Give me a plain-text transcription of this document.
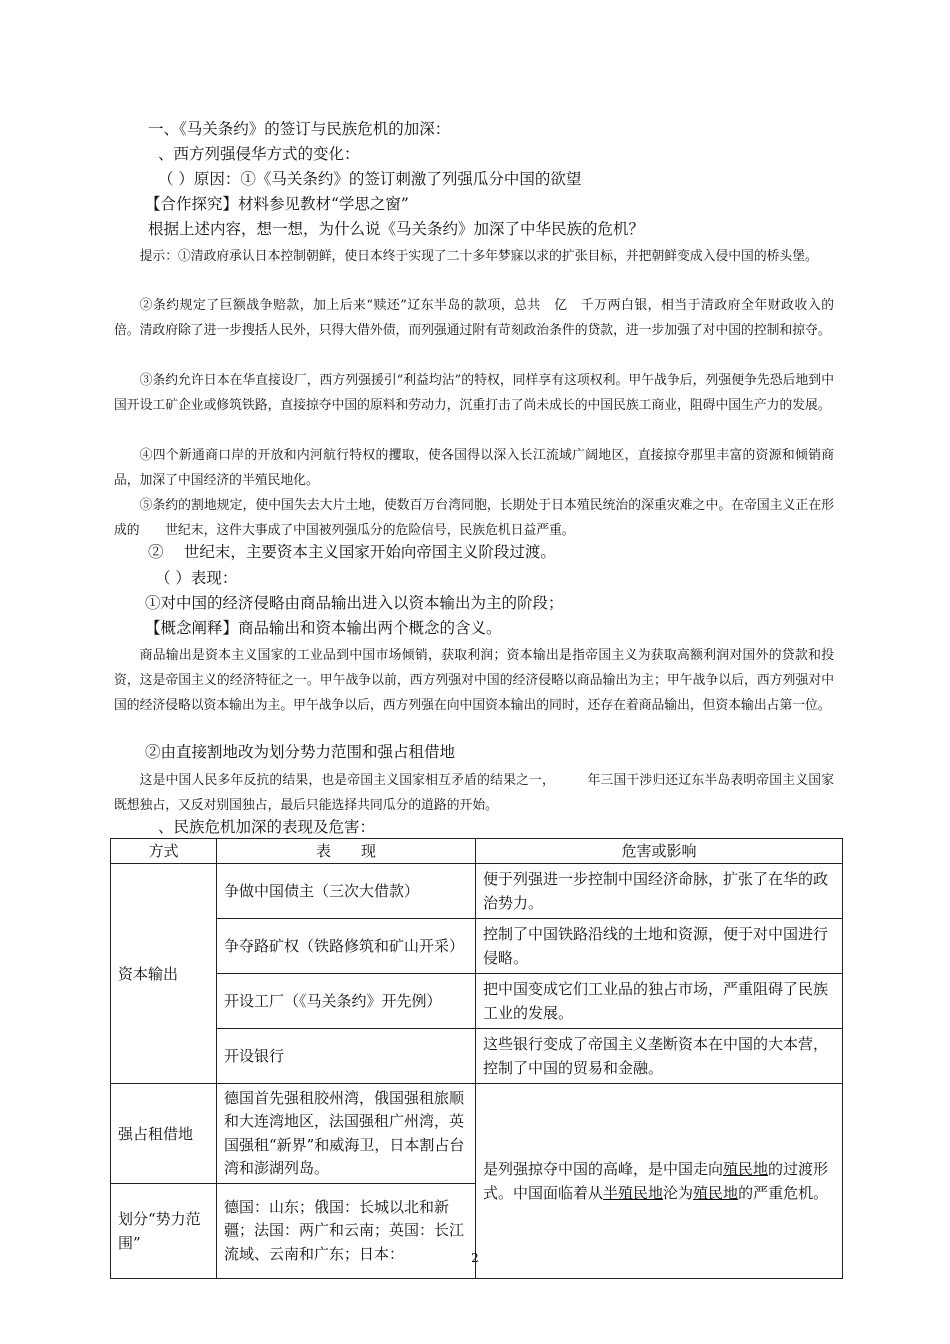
一、《马关条约》的签订与民族危机的加深：
、西方列强侵华方式的变化：
（ ）原因：①《马关条约》的签订刺激了列强瓜分中国的欲望
【合作探究】材料参见教材“学思之窗”
根据上述内容，想一想，为什么说《马关条约》加深了中华民族的危机？
提示：①清政府承认日本控制朝鲜，使日本终于实现了二十多年梦寐以求的扩张目标，并把朝鲜变成入侵中国的桥头堡。
②条约规定了巨额战争赔款，加上后来“赎还”辽东半岛的款项，总共　亿　千万两白银，相当于清政府全年财政收入的　倍。清政府除了进一步搜括人民外，只得大借外债，而列强通过附有苛刻政治条件的贷款，进一步加强了对中国的控制和掠夺。
③条约允许日本在华直接设厂，西方列强援引“利益均沾”的特权，同样享有这项权利。甲午战争后，列强便争先恐后地到中国开设工矿企业或修筑铁路，直接掠夺中国的原料和劳动力，沉重打击了尚未成长的中国民族工商业，阻碍中国生产力的发展。
④四个新通商口岸的开放和内河航行特权的攫取，使各国得以深入长江流域广阔地区，直接掠夺那里丰富的资源和倾销商品，加深了中国经济的半殖民地化。
⑤条约的割地规定，使中国失去大片土地，使数百万台湾同胞，长期处于日本殖民统治的深重灾难之中。在帝国主义正在形成的　　世纪末，这件大事成了中国被列强瓜分的危险信号，民族危机日益严重。
②　 世纪末，主要资本主义国家开始向帝国主义阶段过渡。
（ ）表现：
①对中国的经济侵略由商品输出进入以资本输出为主的阶段；
【概念阐释】商品输出和资本输出两个概念的含义。
商品输出是资本主义国家的工业品到中国市场倾销，获取利润；资本输出是指帝国主义为获取高额利润对国外的贷款和投资，这是帝国主义的经济特征之一。甲午战争以前，西方列强对中国的经济侵略以商品输出为主；甲午战争以后，西方列强对中国的经济侵略以资本输出为主。甲午战争以后，西方列强在向中国资本输出的同时，还存在着商品输出，但资本输出占第一位。
②由直接割地改为划分势力范围和强占租借地
这是中国人民多年反抗的结果，也是帝国主义国家相互矛盾的结果之一，　　　年三国干涉归还辽东半岛表明帝国主义国家既想独占，又反对别国独占，最后只能选择共同瓜分的道路的开始。
、民族危机加深的表现及危害：
方式	表　　现	危害或影响
资本输出	争做中国债主（三次大借款）	便于列强进一步控制中国经济命脉，扩张了在华的政治势力。
	争夺路矿权（铁路修筑和矿山开采）	控制了中国铁路沿线的土地和资源，便于对中国进行侵略。
	开设工厂（《马关条约》开先例）	把中国变成它们工业品的独占市场，严重阻碍了民族工业的发展。
	开设银行	这些银行变成了帝国主义垄断资本在中国的大本营，控制了中国的贸易和金融。
强占租借地	德国首先强租胶州湾，俄国强租旅顺和大连湾地区，法国强租广州湾，英国强租“新界”和威海卫，日本割占台湾和澎湖列岛。	是列强掠夺中国的高峰，是中国走向殖民地的过渡形式。中国面临着从半殖民地沦为殖民地的严重危机。
划分“势力范围”	德国：山东；俄国：长城以北和新疆；法国：两广和云南；英国：长江流域、云南和广东；日本：		2
